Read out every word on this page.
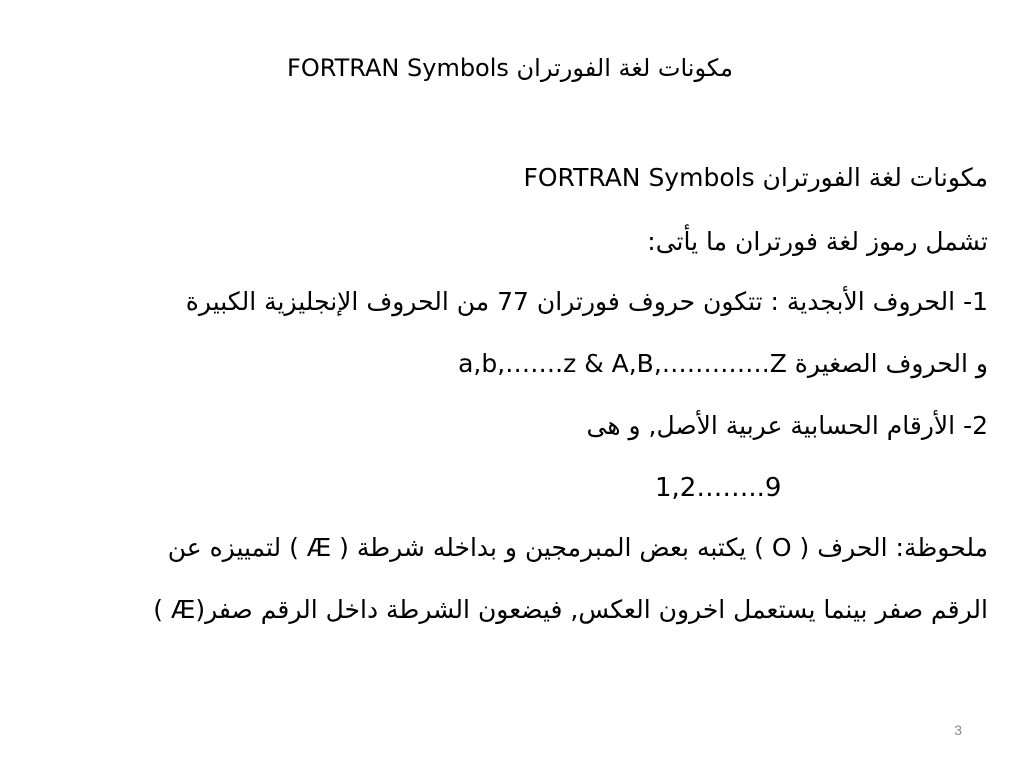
مكونات لغة الفورتران FORTRAN Symbols
مكونات لغة الفورتران FORTRAN Symbols
تشمل رموز لغة فورتران ما يأتى:
1- الحروف الأبجدية : تتكون حروف فورتران 77 من الحروف الإنجليزية الكبيرة
و الحروف الصغيرة a,b,…….z & A,B,………….Z
2- الأرقام الحسابية عربية الأصل, و هى
1,2……..9
ملحوظة: الحرف ( O ) يكتبه بعض المبرمجين و بداخله شرطة ( Æ ) لتمييزه عن
الرقم صفر بينما يستعمل اخرون العكس, فيضعون الشرطة داخل الرقم صفر(Æ )
3
